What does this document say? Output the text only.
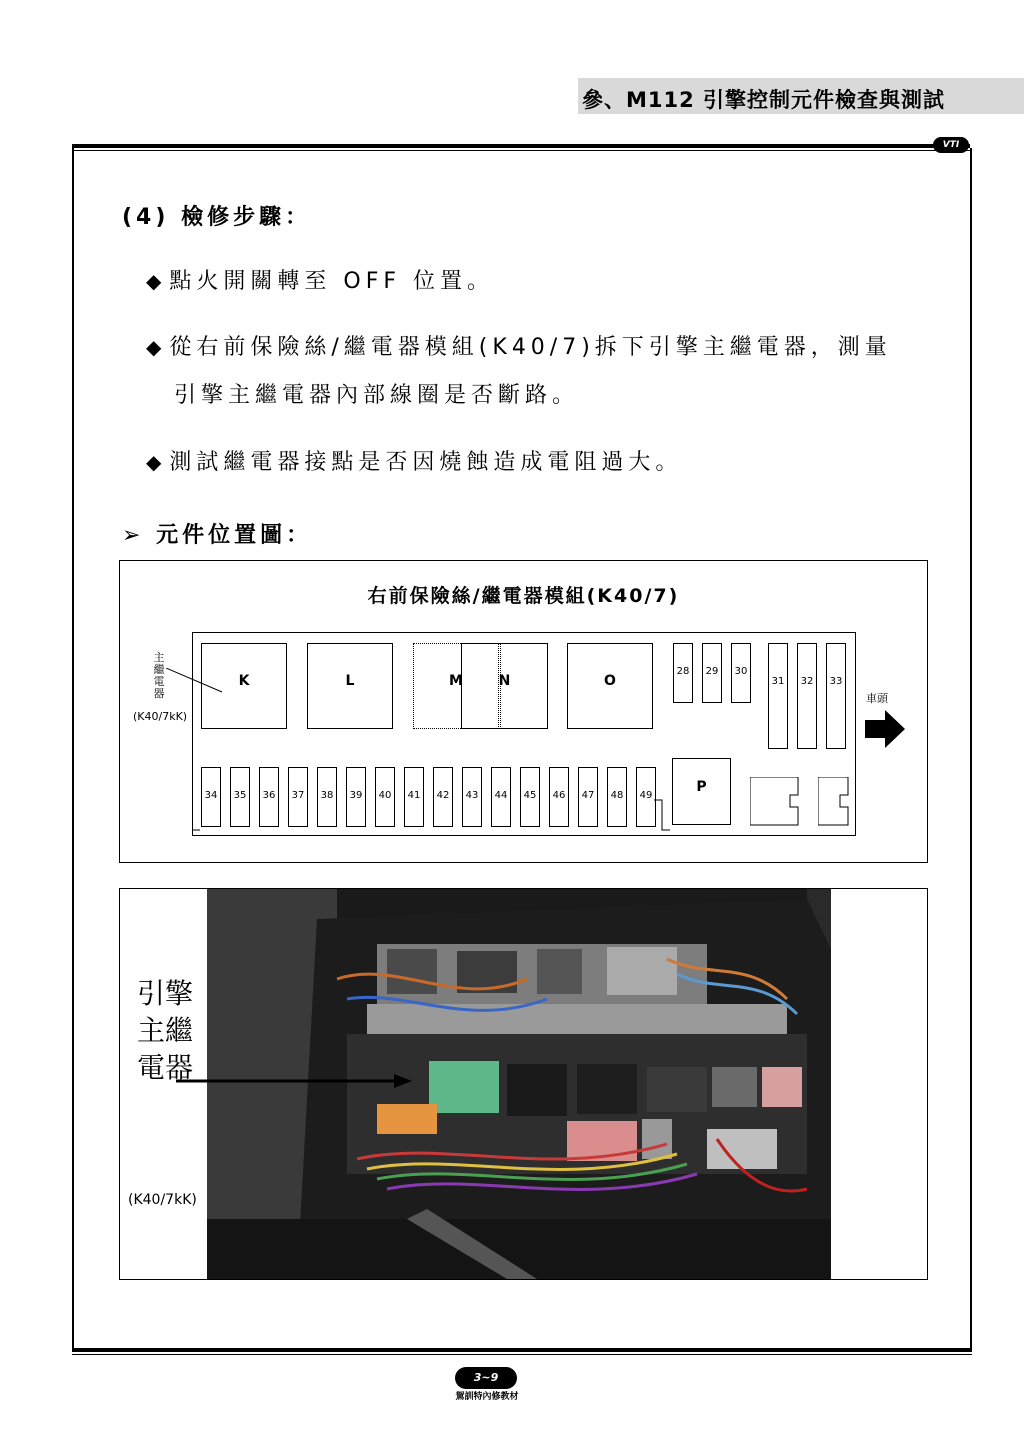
參、M112 引擎控制元件檢查與測試
VTI
(4) 檢修步驟：
◆ 點火開關轉至 OFF 位置。
◆ 從右前保險絲/繼電器模組(K40/7)拆下引擎主繼電器，測量
引擎主繼電器內部線圈是否斷路。
◆ 測試繼電器接點是否因燒蝕造成電阻過大。
➢ 元件位置圖：
右前保險絲/繼電器模組(K40/7)
K	L	M	N	O
28 29 30
31 32 33
車頭
主繼電器
(K40/7kK)
34 35 36 37 38 39 40 41 42 43 44 45 46 47 48 49
P
引擎主繼電器
(K40/7kK)
3~9
駕訓特內修教材
